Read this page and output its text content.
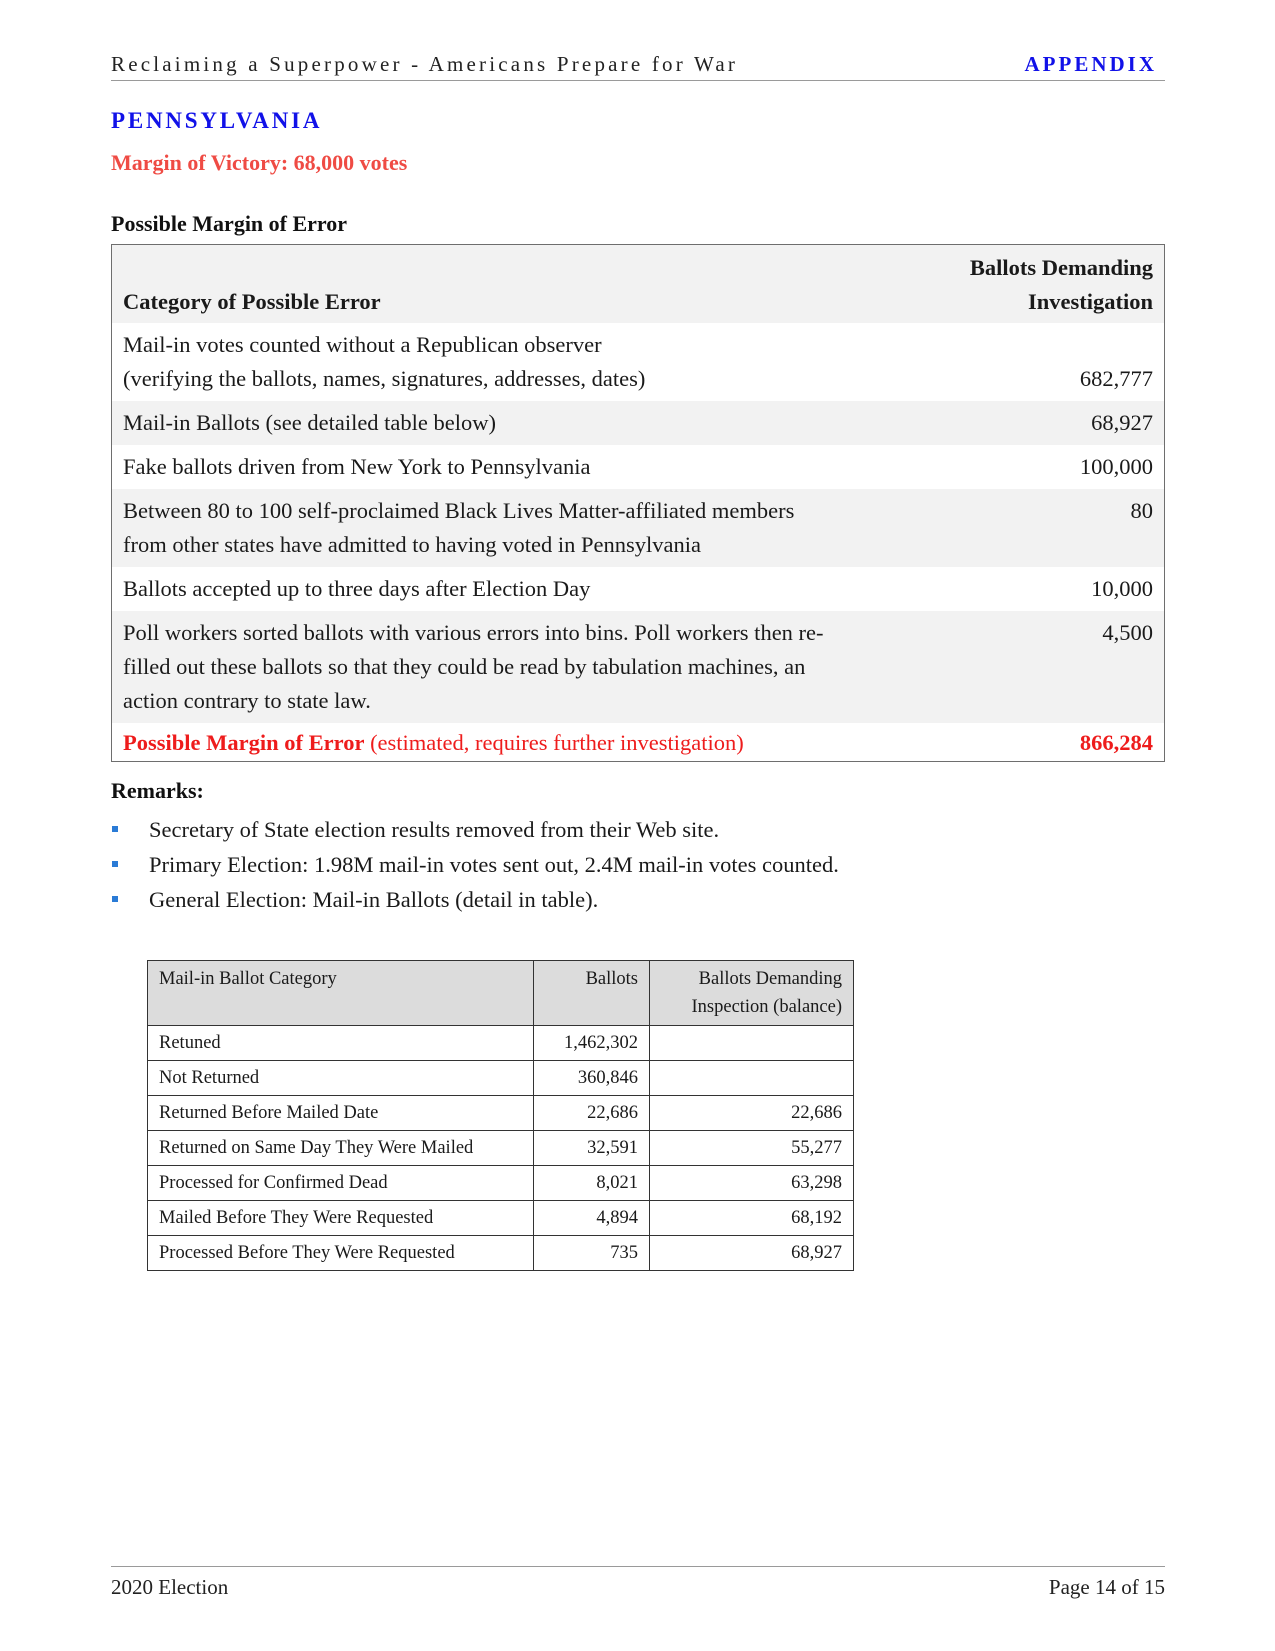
Reclaiming a Superpower - Americans Prepare for War	APPENDIX
PENNSYLVANIA
Margin of Victory: 68,000 votes
Possible Margin of Error
Category of Possible Error	Ballots Demanding
Investigation
Mail-in votes counted without a Republican observer
(verifying the ballots, names, signatures, addresses, dates)	682,777
Mail-in Ballots (see detailed table below)	68,927
Fake ballots driven from New York to Pennsylvania	100,000
Between 80 to 100 self-proclaimed Black Lives Matter-affiliated members
from other states have admitted to having voted in Pennsylvania	80
Ballots accepted up to three days after Election Day	10,000
Poll workers sorted ballots with various errors into bins. Poll workers then re-
filled out these ballots so that they could be read by tabulation machines, an
action contrary to state law.	4,500
Possible Margin of Error (estimated, requires further investigation)	866,284
Remarks:
Secretary of State election results removed from their Web site.
Primary Election: 1.98M mail-in votes sent out, 2.4M mail-in votes counted.
General Election: Mail-in Ballots (detail in table).
Mail-in Ballot Category	Ballots	Ballots Demanding
Inspection (balance)
Retuned	1,462,302	
Not Returned	360,846	
Returned Before Mailed Date	22,686	22,686
Returned on Same Day They Were Mailed	32,591	55,277
Processed for Confirmed Dead	8,021	63,298
Mailed Before They Were Requested	4,894	68,192
Processed Before They Were Requested	735	68,927
2020 Election	Page 14 of 15
